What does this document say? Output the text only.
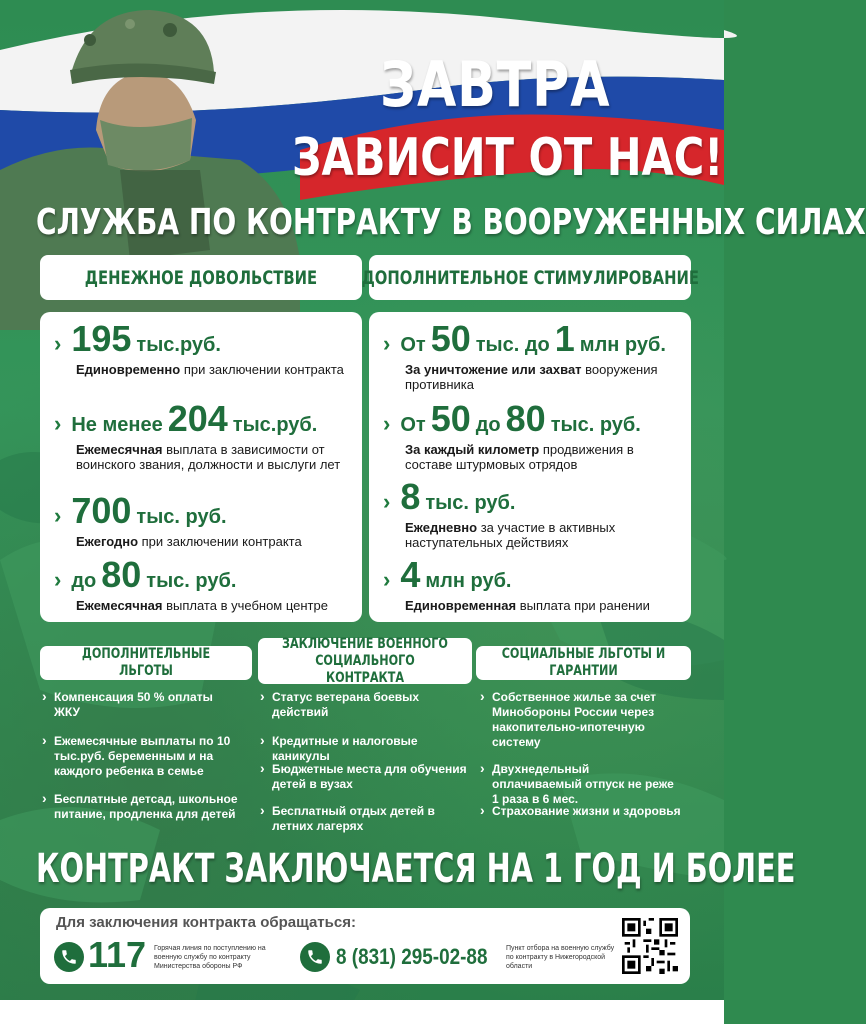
ЗАВТРА
ЗАВИСИТ ОТ НАС!
СЛУЖБА ПО КОНТРАКТУ В ВООРУЖЕННЫХ СИЛАХ
ДЕНЕЖНОЕ ДОВОЛЬСТВИЕ ДОПОЛНИТЕЛЬНОЕ СТИМУЛИРОВАНИЕ
› 195 тыс.руб.
Единовременно при заключении контракта
› Не менее 204 тыс.руб.
Ежемесячная выплата в зависимости от воинского звания, должности и выслуги лет
› 700 тыс. руб.
Ежегодно при заключении контракта
› до 80 тыс. руб.
Ежемесячная выплата в учебном центре
› От 50 тыс. до 1 млн руб.
За уничтожение или захват вооружения противника
› От 50 до 80 тыс. руб.
За каждый километр продвижения в составе штурмовых отрядов
› 8 тыс. руб.
Ежедневно за участие в активных наступательных действиях
› 4 млн руб.
Единовременная выплата при ранении
ДОПОЛНИТЕЛЬНЫЕ ЛЬГОТЫ
ЗАКЛЮЧЕНИЕ ВОЕННОГО СОЦИАЛЬНОГО КОНТРАКТА
СОЦИАЛЬНЫЕ ЛЬГОТЫ И ГАРАНТИИ
› Компенсация 50 % оплаты ЖКУ
› Ежемесячные выплаты по 10 тыс.руб. беременным и на каждого ребенка в семье
› Бесплатные детсад, школьное питание, продленка для детей
› Статус ветерана боевых действий
› Кредитные и налоговые каникулы
› Бюджетные места для обучения детей в вузах
› Бесплатный отдых детей в летних лагерях
› Собственное жилье за счет Минобороны России через накопительно-ипотечную систему
› Двухнедельный оплачиваемый отпуск не реже 1 раза в 6 мес.
› Страхование жизни и здоровья
КОНТРАКТ ЗАКЛЮЧАЕТСЯ НА 1 ГОД И БОЛЕЕ
Для заключения контракта обращаться:
117 Горячая линия по поступлению на военную службу по контракту Министерства обороны РФ	8 (831) 295-02-88	Пункт отбора на военную службу по контракту в Нижегородской области
